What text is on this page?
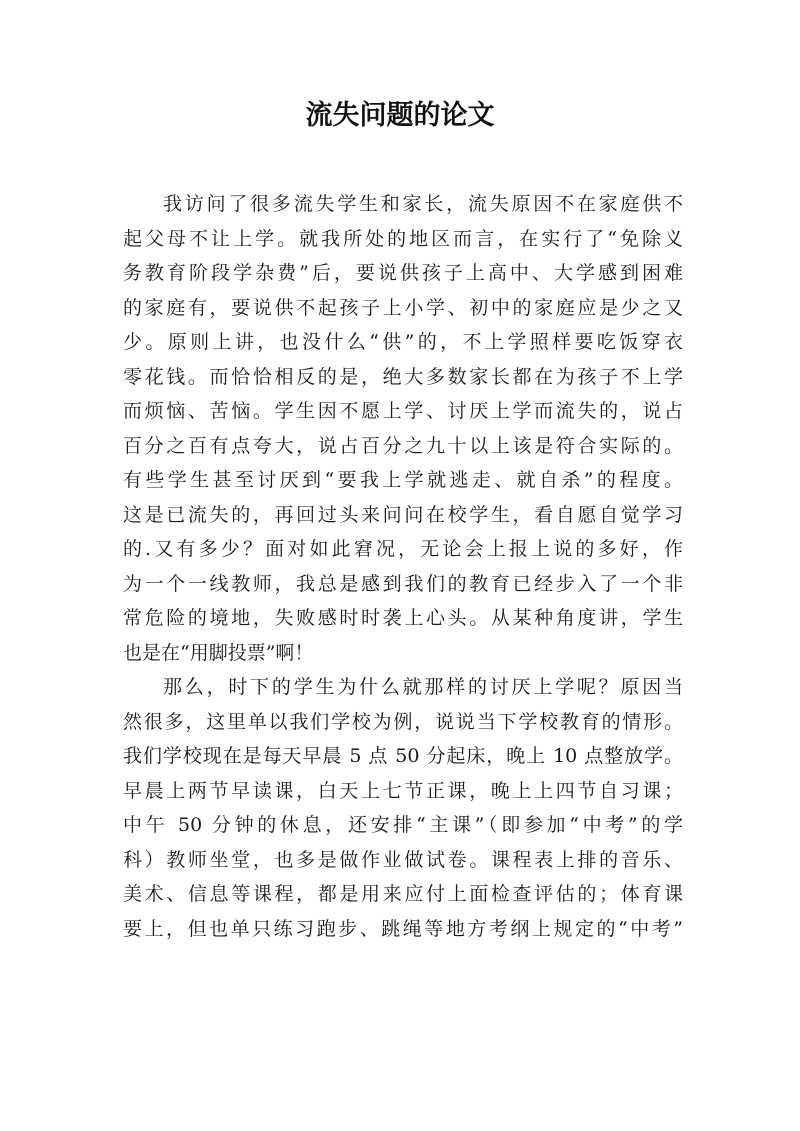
流失问题的论文
我访问了很多流失学生和家长，流失原因不在家庭供不
起父母不让上学。就我所处的地区而言，在实行了“免除义
务教育阶段学杂费”后，要说供孩子上高中、大学感到困难
的家庭有，要说供不起孩子上小学、初中的家庭应是少之又
少。原则上讲，也没什么“供”的，不上学照样要吃饭穿衣
零花钱。而恰恰相反的是，绝大多数家长都在为孩子不上学
而烦恼、苦恼。学生因不愿上学、讨厌上学而流失的，说占
百分之百有点夸大，说占百分之九十以上该是符合实际的。
有些学生甚至讨厌到“要我上学就逃走、就自杀”的程度。
这是已流失的，再回过头来问问在校学生，看自愿自觉学习
的.又有多少？面对如此窘况，无论会上报上说的多好，作
为一个一线教师，我总是感到我们的教育已经步入了一个非
常危险的境地，失败感时时袭上心头。从某种角度讲，学生
也是在“用脚投票”啊！
那么，时下的学生为什么就那样的讨厌上学呢？原因当
然很多，这里单以我们学校为例，说说当下学校教育的情形。
我们学校现在是每天早晨 5 点 50 分起床，晚上 10 点整放学。
早晨上两节早读课，白天上七节正课，晚上上四节自习课；
中午 50 分钟的休息，还安排“主课”（即参加“中考”的学
科）教师坐堂，也多是做作业做试卷。课程表上排的音乐、
美术、信息等课程，都是用来应付上面检查评估的；体育课
要上，但也单只练习跑步、跳绳等地方考纲上规定的“中考”
